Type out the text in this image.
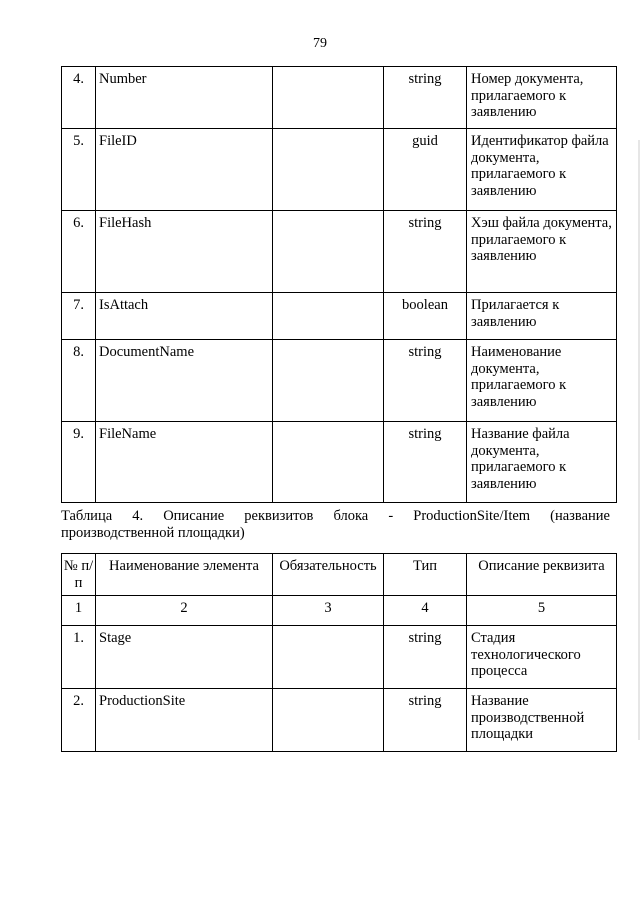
79
4.	Number		string	Номер документа, прилагаемого к заявлению
5.	FileID		guid	Идентификатор файла документа, прилагаемого к заявлению
6.	FileHash		string	Хэш файла документа, прилагаемого к заявлению
7.	IsAttach		boolean	Прилагается к заявлению
8.	DocumentName		string	Наименование документа, прилагаемого к заявлению
9.	FileName		string	Название файла документа, прилагаемого к заявлению
Таблица 4. Описание реквизитов блока - ProductionSite/Item (название
производственной площадки)
№ п/п	Наименование элемента	Обязательность	Тип	Описание реквизита
1	2	3	4	5
1.	Stage		string	Стадия технологического процесса
2.	ProductionSite		string	Название производственной площадки
